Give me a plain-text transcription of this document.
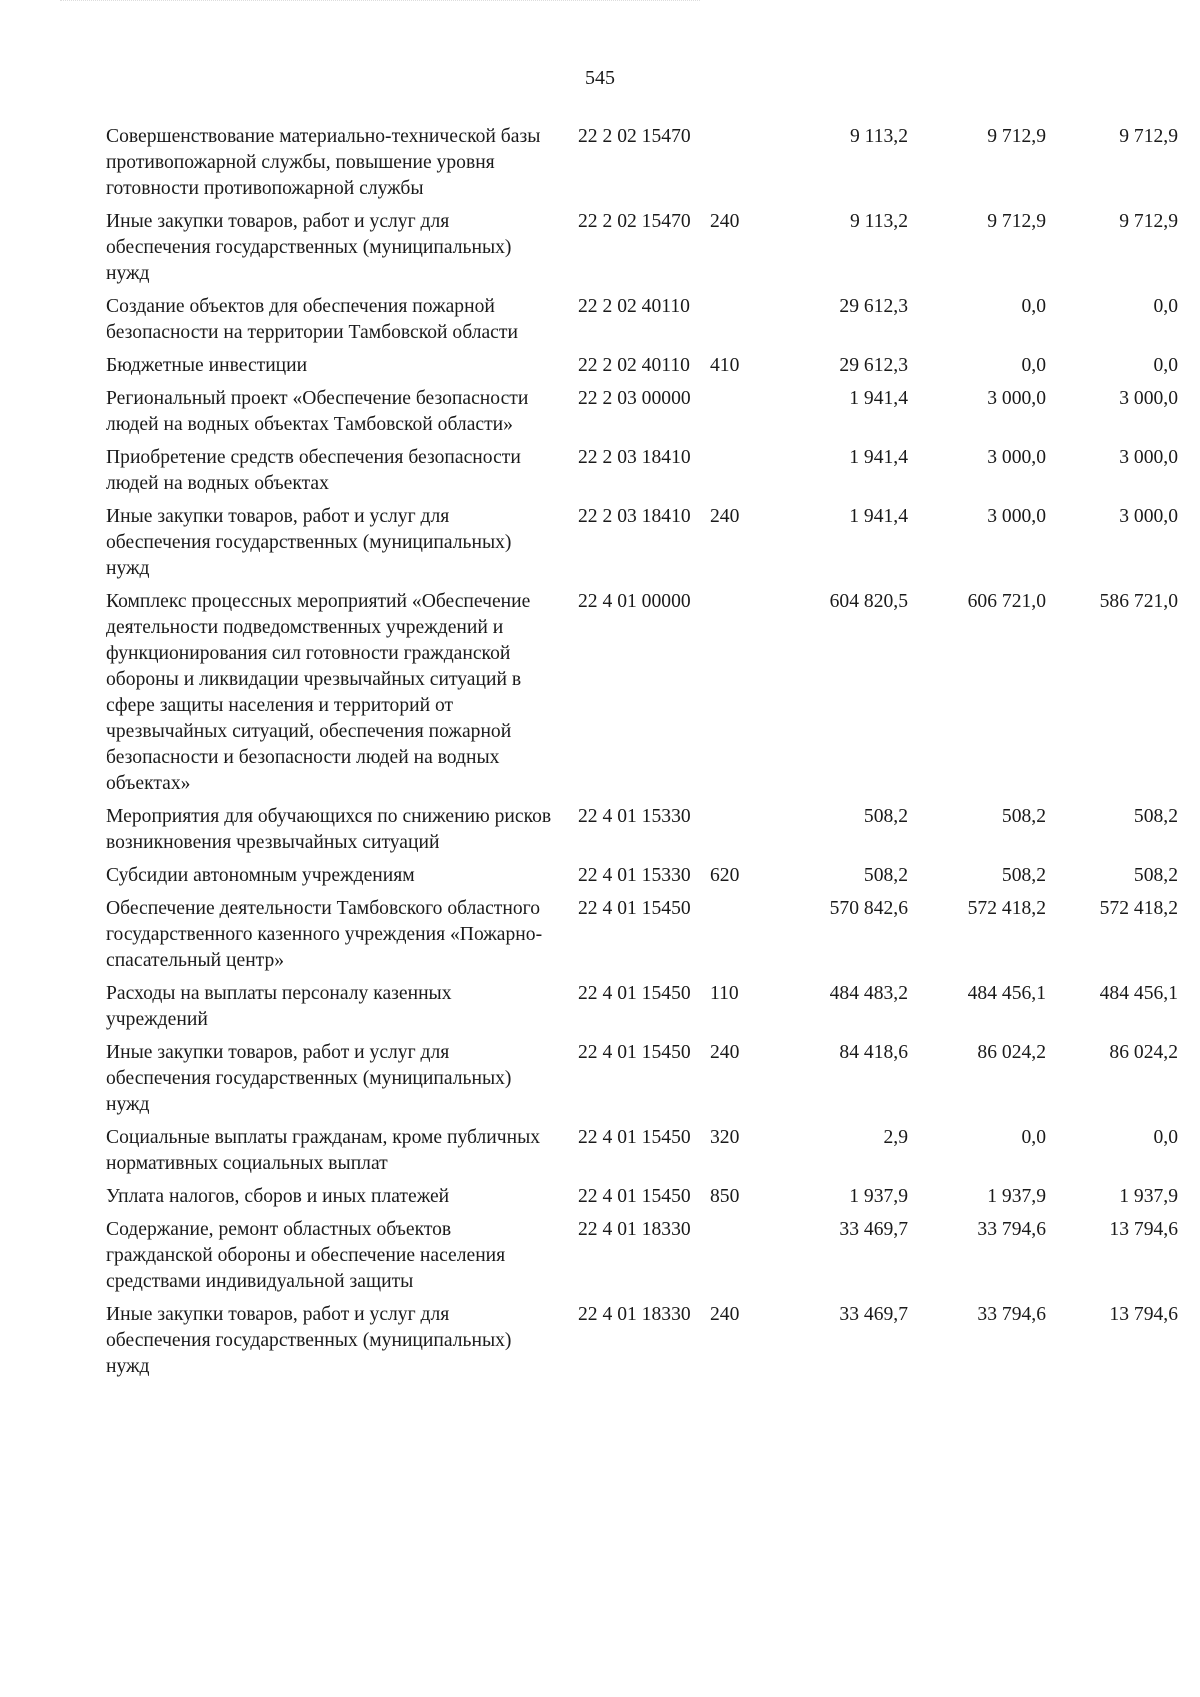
545
Совершенствование материально-технической базы противопожарной службы, повышение уровня готовности противопожарной службы	22 2 02 15470		9 113,2	9 712,9	9 712,9
Иные закупки товаров, работ и услуг для обеспечения государственных (муниципальных) нужд	22 2 02 15470	240	9 113,2	9 712,9	9 712,9
Создание объектов для обеспечения пожарной безопасности на территории Тамбовской области	22 2 02 40110		29 612,3	0,0	0,0
Бюджетные инвестиции	22 2 02 40110	410	29 612,3	0,0	0,0
Региональный проект «Обеспечение безопасности людей на водных объектах Тамбовской области»	22 2 03 00000		1 941,4	3 000,0	3 000,0
Приобретение средств обеспечения безопасности людей на водных объектах	22 2 03 18410		1 941,4	3 000,0	3 000,0
Иные закупки товаров, работ и услуг для обеспечения государственных (муниципальных) нужд	22 2 03 18410	240	1 941,4	3 000,0	3 000,0
Комплекс процессных мероприятий «Обеспечение деятельности подведомственных учреждений и функционирования сил готовности гражданской обороны и ликвидации чрезвычайных ситуаций в сфере защиты населения и территорий от чрезвычайных ситуаций, обеспечения пожарной безопасности и безопасности людей на водных объектах»	22 4 01 00000		604 820,5	606 721,0	586 721,0
Мероприятия для обучающихся по снижению рисков возникновения чрезвычайных ситуаций	22 4 01 15330		508,2	508,2	508,2
Субсидии автономным учреждениям	22 4 01 15330	620	508,2	508,2	508,2
Обеспечение деятельности Тамбовского областного государственного казенного учреждения «Пожарно-спасательный центр»	22 4 01 15450		570 842,6	572 418,2	572 418,2
Расходы на выплаты персоналу казенных учреждений	22 4 01 15450	110	484 483,2	484 456,1	484 456,1
Иные закупки товаров, работ и услуг для обеспечения государственных (муниципальных) нужд	22 4 01 15450	240	84 418,6	86 024,2	86 024,2
Социальные выплаты гражданам, кроме публичных нормативных социальных выплат	22 4 01 15450	320	2,9	0,0	0,0
Уплата налогов, сборов и иных платежей	22 4 01 15450	850	1 937,9	1 937,9	1 937,9
Содержание, ремонт областных объектов гражданской обороны и обеспечение населения средствами индивидуальной защиты	22 4 01 18330		33 469,7	33 794,6	13 794,6
Иные закупки товаров, работ и услуг для обеспечения государственных (муниципальных) нужд	22 4 01 18330	240	33 469,7	33 794,6	13 794,6
